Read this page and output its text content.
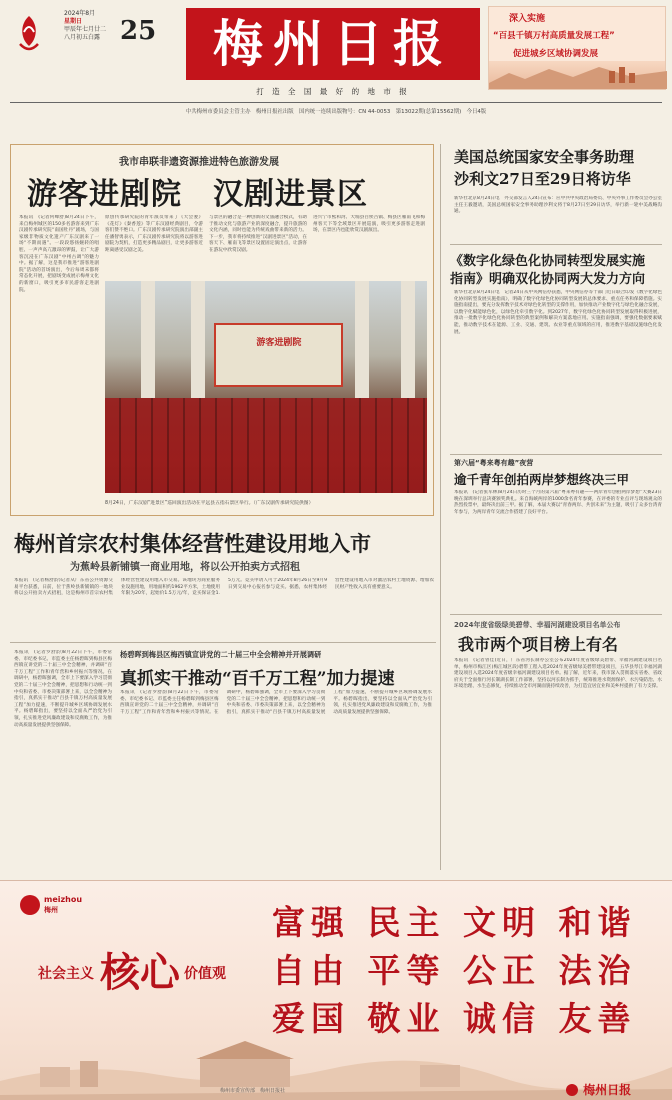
2024年8月
星期日
甲辰年七月廿二
八月初五白露 25	梅州日报
打 造 全 国 最 好 的 地 市 报
深入实施
“百县千镇万村高质量发展工程”
促进城乡区域协调发展
中共梅州市委员会主管主办　梅州日报社出版　国内统一连续出版物号：CN 44-0053　第13022期(总第15562期)　今日4版
我市串联非遗资源推进特色旅游发展
游客进剧院　汉剧进景区
本报讯　(记者何峰舒)8月24日下午，来自梅州城区的150多名游客来到广东汉剧传承研究院“南国牡丹”剧场，与国家级非物质文化遗产广东汉剧来了一场“不期而遇”。一段段悠扬婉转的唱腔、一声声高亢激昂的锣鼓，让广大游客沉浸在广东汉剧“中州古调”的魅力中。据了解，这是我市推进“游客进剧院”活动的首场演出，今后每周末都将常态化开展，把剧场变成展示梅州文化的新窗口，吸引更多市民游客走进剧院。
原创传承研究院的青年演员带来了《大会妻》《花灯》《秦香莲》等广东汉剧经典剧目，令游客们赞不绝口。广东汉剧传承研究院演出部副主任潘智勇表示，广东汉剧传承研究院将以游客进剧院为契机，打造更多精品剧目，让更多游客近距离感受汉剧之美。
与景区的融合是一种创新的文旅融合模式，有助于推动文化与旅游产业的深度融合，提升旅游的文化内涵，同时也能为传统戏曲带来新的活力。下一步，我市将持续推进“汉剧进景区”活动，在客天下、雁南飞等景区设置固定演出点，让游客在游玩中欣赏汉剧。
进兴宁市熙和湾、大埔县百侯古镇、梅县区雁南飞和梅州客天下等全域景区开展巡演，吸引更多游客走进剧场，在景区内也能欣赏汉剧演出。
游客进剧院
8月24日，广东汉剧“进景区”巡回演出活动在平远县五指石景区举行。（广东汉剧传承研究院供图）
美国总统国家安全事务助理
沙利文27日至29日将访华
新华社北京8月24日电　外交部发言人24日宣布：应中共中央政治局委员、中央外事工作委员会办公室主任王毅邀请，美国总统国家安全事务助理沙利文将于8月27日至29日访华，举行新一轮中美战略沟通。
《数字化绿色化协同转型发展实施
指南》明确双化协同两大发力方向
新华社北京8月24日电　记者24日从中央网信办获悉，中央网信办等十部门近日联合印发《数字化绿色化协同转型发展实施指南》，明确了数字化绿色化协同转型发展的总体要求、重点任务和保障措施。实施指南提出，要充分发挥数字技术对绿色化转型的支撑作用，加快推动产业数字化与绿色化融合发展，以数字化赋能绿色化，以绿色化牵引数字化。到2027年，数字化绿色化协同转型发展取得积极进展，推动一批数字化绿色化协同转型的典型案例和解决方案落地应用。实施指南强调，要强化数据要素赋能，推动数字技术在能源、工业、交通、建筑、农业等重点领域的应用，推进数字基础设施绿色化发展。
第六届“粤来粤有趣”夜营
逾千青年创拍两岸梦想终决三甲
本报讯　(记者张军林)8月24日历时三个月的第六届“粤来粤有趣——两岸青年创拍两岸梦想”大赛23日晚在深圳举行总决赛颁奖典礼。来自海峡两岸的1000余名青年参赛，在评委的专业点评与现场观众的热烈投票中，最终决出前三甲。据了解，本届大赛以“青春两岸、共创未来”为主题，吸引了众多台湾青年参与，为两岸青年交流合作搭建了良好平台。
2024年度省级绿美碧带、幸福河湖建设项目名单公布
我市两个项目榜上有名
本报讯　(记者曾佳)近日，广东省河长制办公室公布2024年度省级绿美碧带、幸福河湖建设项目名单，梅州市梅江区(梅江城区段)碧带工程入选2024年度省级绿美碧带建设项目，五华县琴江幸福河湖建设项目入选2024年度省级幸福河湖建设项目名单。据了解，近年来，我市深入贯彻落实省委、省政府关于全面推行河长制湖长制工作部署，坚持以河长制为抓手，统筹推进水资源保护、水污染防治、水环境治理、水生态修复，持续推动全市河湖面貌持续改善，为打造宜居宜业和美乡村提供了有力支撑。
梅州首宗农村集体经营性建设用地入市
为蕉岭县新铺镇一商业用地，将以公开拍卖方式招租
本报讯　(记者杨舒韵)记者从广东省公共资源交易平台获悉，日前，位于蕉岭县新铺镇的一地块将以公开拍卖方式招租，这是梅州市首宗农村集体经营性建设用地入市交易。该地块为商业服务业设施用地，用地面积约1962平方米，土地使用年限为20年，起始价1.5万元/年，竞买保证金1.5万元。竞买申请人可于2024年8月26日至9月9日到交易中心报名参与竞买。据悉，农村集体经营性建设用地入市对激活农村土地资源、增加农民财产性收入具有重要意义。
杨碧晖到梅县区梅西镇宣讲党的二十届三中全会精神并开展调研
真抓实干推动“百千万工程”加力提速
本报讯　(记者罗舒韵)8月22日下午，市委常委、市纪委书记、市监委主任杨碧晖到梅县区梅西镇宣讲党的二十届三中全会精神，并调研“百千万工程”工作和青年营和乡村振兴等情况。在调研中，杨碧晖强调，全市上下要深入学习贯彻党的二十届三中全会精神，把思想和行动统一到中央和省委、市委决策部署上来，以全会精神为指引，真抓实干推动“百县千镇万村高质量发展工程”加力提速，不断提升城乡区域协调发展水平。杨碧晖指出，要坚持以全面从严治党为引领，扎实推进党风廉政建设和反腐败工作，为推动高质量发展提供坚强保障。
本报讯　(记者罗舒韵)8月22日下午，市委常委、市纪委书记、市监委主任杨碧晖到梅县区梅西镇宣讲党的二十届三中全会精神，并调研“百千万工程”工作和青年营和乡村振兴等情况。在调研中，杨碧晖强调，全市上下要深入学习贯彻党的二十届三中全会精神，把思想和行动统一到中央和省委、市委决策部署上来，以全会精神为指引，真抓实干推动“百县千镇万村高质量发展工程”加力提速，不断提升城乡区域协调发展水平。杨碧晖指出，要坚持以全面从严治党为引领，扎实推进党风廉政建设和反腐败工作，为推动高质量发展提供坚强保障。
meizhou
梅州
社会主义 核心 价值观
富强 民主 文明 和谐
自由 平等 公正 法治
爱国 敬业 诚信 友善
梅州市委宣传部　梅州日报社	梅州日报
